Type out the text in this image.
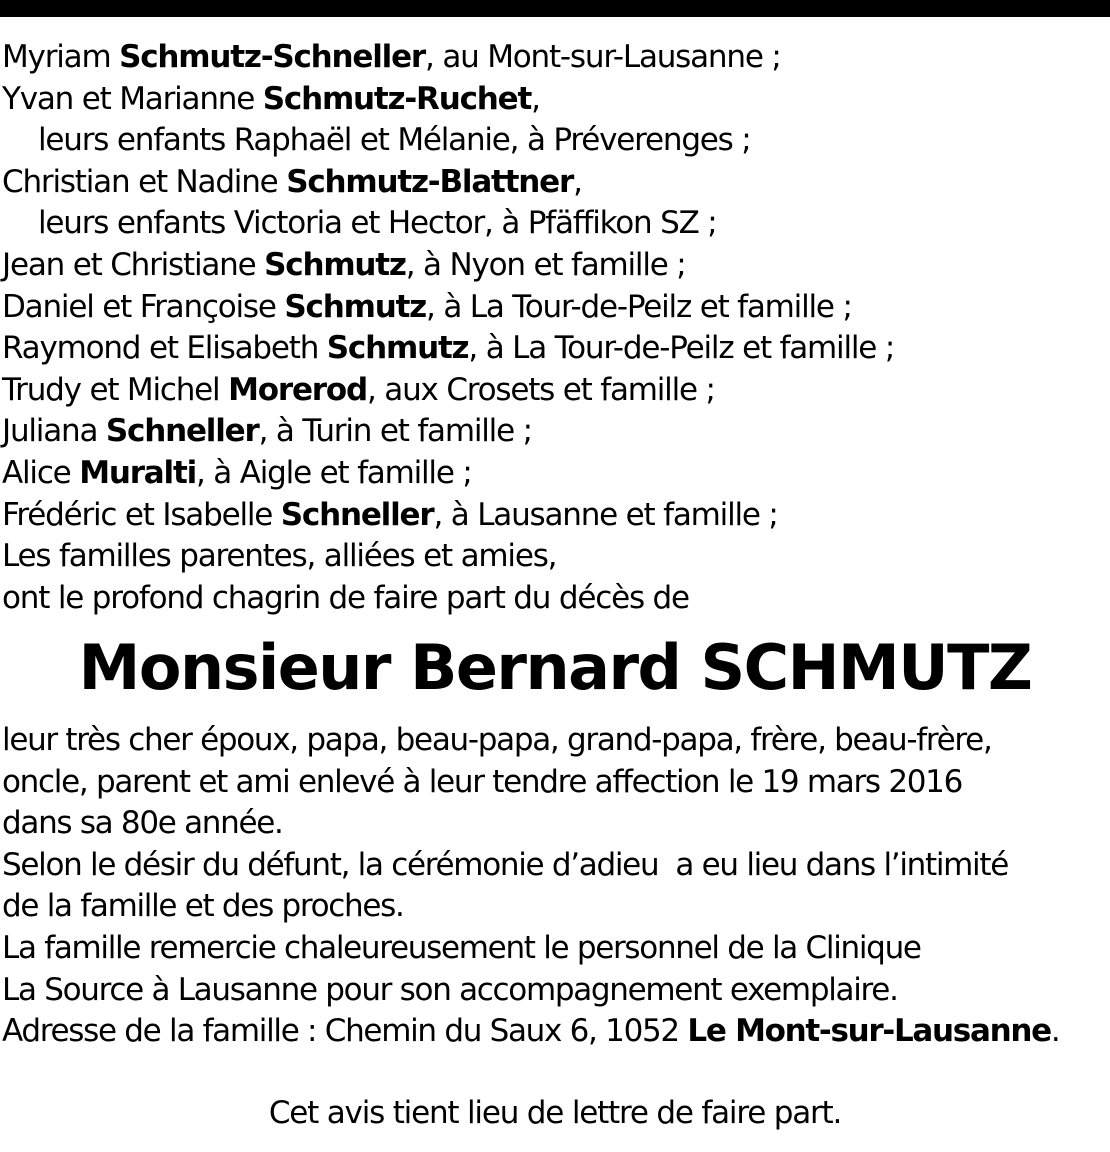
Myriam Schmutz-Schneller, au Mont-sur-Lausanne ;
Yvan et Marianne Schmutz-Ruchet,
leurs enfants Raphaël et Mélanie, à Préverenges ;
Christian et Nadine Schmutz-Blattner,
leurs enfants Victoria et Hector, à Pfäffikon SZ ;
Jean et Christiane Schmutz, à Nyon et famille ;
Daniel et Françoise Schmutz, à La Tour-de-Peilz et famille ;
Raymond et Elisabeth Schmutz, à La Tour-de-Peilz et famille ;
Trudy et Michel Morerod, aux Crosets et famille ;
Juliana Schneller, à Turin et famille ;
Alice Muralti, à Aigle et famille ;
Frédéric et Isabelle Schneller, à Lausanne et famille ;
Les familles parentes, alliées et amies,
ont le profond chagrin de faire part du décès de
Monsieur Bernard SCHMUTZ
leur très cher époux, papa, beau-papa, grand-papa, frère, beau-frère,
oncle, parent et ami enlevé à leur tendre affection le 19 mars 2016
dans sa 80e année.
Selon le désir du défunt, la cérémonie d’adieu  a eu lieu dans l’intimité
de la famille et des proches.
La famille remercie chaleureusement le personnel de la Clinique
La Source à Lausanne pour son accompagnement exemplaire.
Adresse de la famille : Chemin du Saux 6, 1052 Le Mont-sur-Lausanne.
Cet avis tient lieu de lettre de faire part.
